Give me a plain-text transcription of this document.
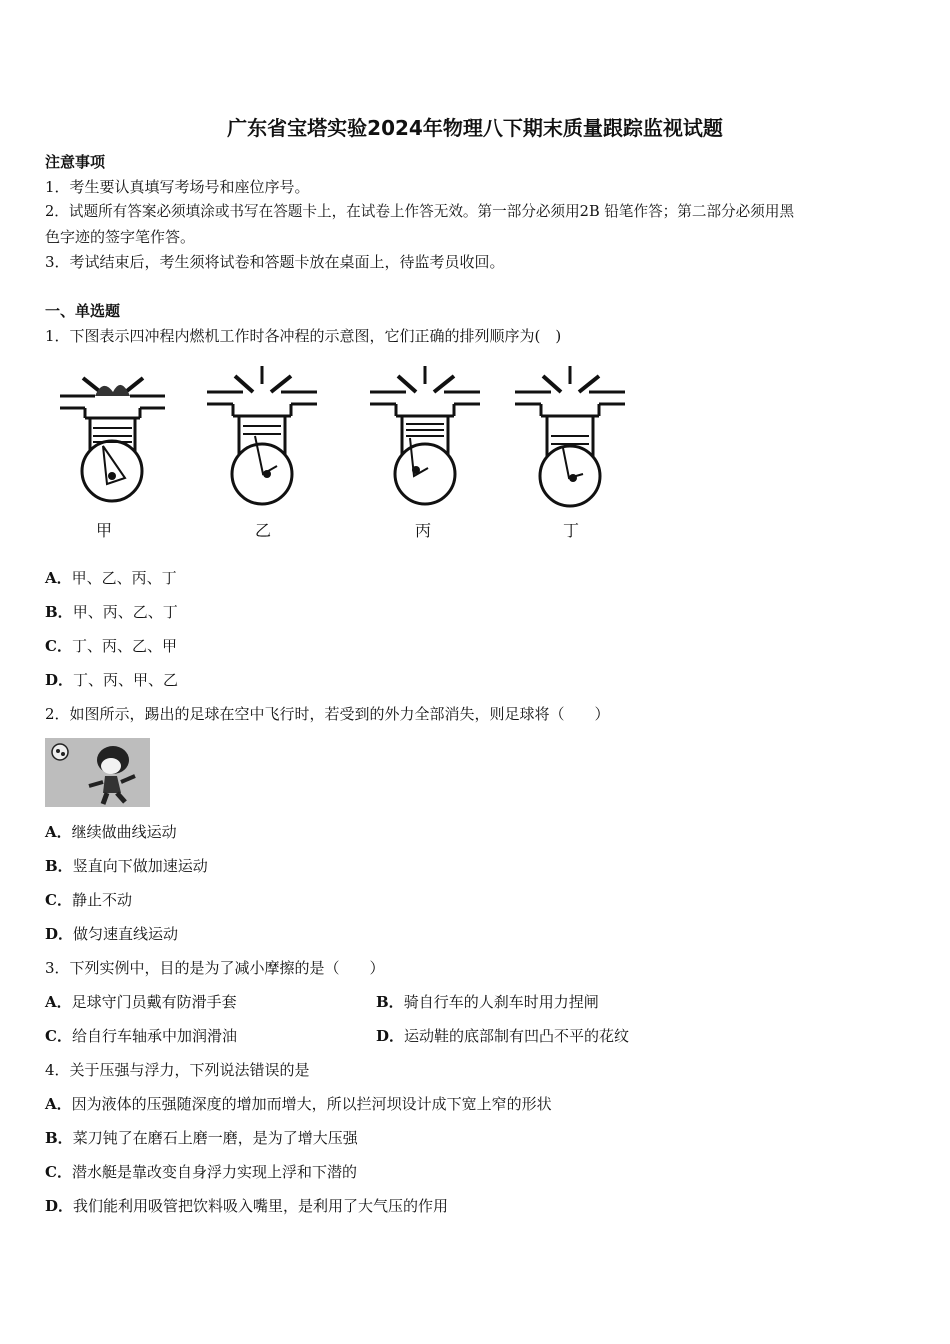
广东省宝塔实验2024年物理八下期末质量跟踪监视试题
注意事项
1．考生要认真填写考场号和座位序号。
2．试题所有答案必须填涂或书写在答题卡上，在试卷上作答无效。第一部分必须用2B 铅笔作答；第二部分必须用黑
色字迹的签字笔作答。
3．考试结束后，考生须将试卷和答题卡放在桌面上，待监考员收回。
一、单选题
1．下图表示四冲程内燃机工作时各冲程的示意图，它们正确的排列顺序为(　)
甲	乙	丙	丁
A．甲、乙、丙、丁
B．甲、丙、乙、丁
C．丁、丙、乙、甲
D．丁、丙、甲、乙
2．如图所示，踢出的足球在空中飞行时，若受到的外力全部消失，则足球将（　　）
A．继续做曲线运动
B．竖直向下做加速运动
C．静止不动
D．做匀速直线运动
3．下列实例中，目的是为了减小摩擦的是（　　）
A．足球守门员戴有防滑手套	B．骑自行车的人刹车时用力捏闸
C．给自行车轴承中加润滑油	D．运动鞋的底部制有凹凸不平的花纹
4．关于压强与浮力，下列说法错误的是
A．因为液体的压强随深度的增加而增大，所以拦河坝设计成下宽上窄的形状
B．菜刀钝了在磨石上磨一磨，是为了增大压强
C．潜水艇是靠改变自身浮力实现上浮和下潜的
D．我们能利用吸管把饮料吸入嘴里，是利用了大气压的作用
